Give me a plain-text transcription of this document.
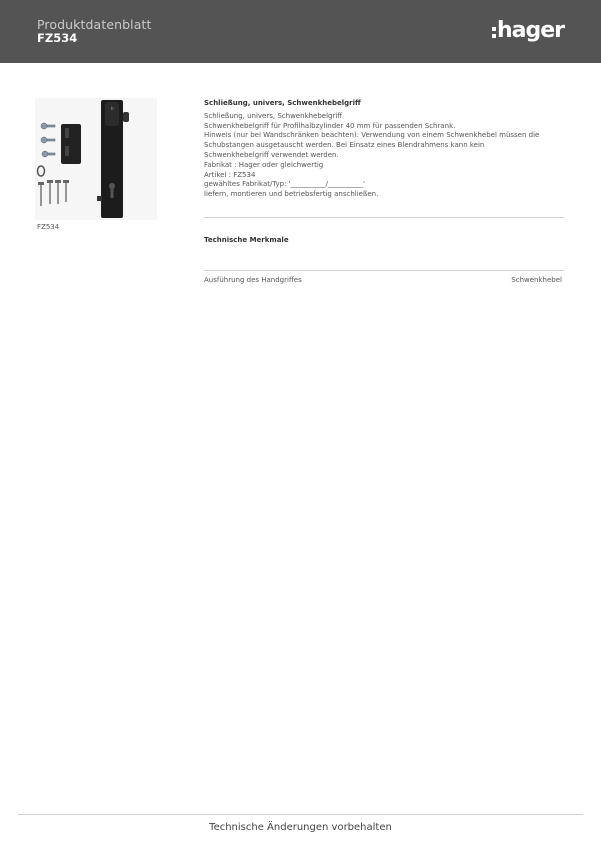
Produktdatenblatt
FZ534	hager
h
FZ534
Schließung, univers, Schwenkhebelgriff

Schließung, univers, Schwenkhebelgriff

Schwenkhebelgriff für Profilhalbzylinder 40 mm für passenden Schrank.

Hinweis (nur bei Wandschränken beachten): Verwendung von einem Schwenkhebel müssen die

Schubstangen ausgetauscht werden. Bei Einsatz eines Blendrahmens kann kein

Schwenkhebelgriff verwendet werden.

Fabrikat : Hager oder gleichwertig

Artikel : FZ534

gewähltes Fabrikat/Typ: '__________/__________'

liefern, montieren und betriebsfertig anschließen.

Technische Merkmale
Ausführung des Handgriffes	Schwenkhebel
Technische Änderungen vorbehalten
